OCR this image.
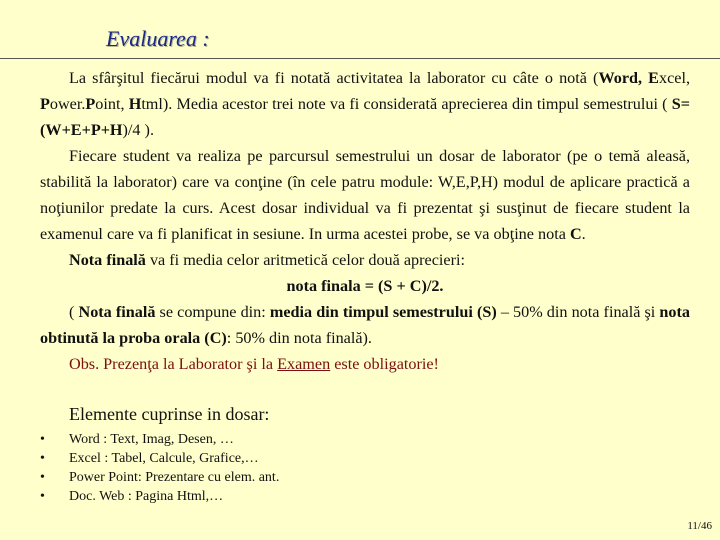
Evaluarea :

La sfârşitul fiecărui modul va fi notată activitatea la laborator cu câte o notă (Word, Excel, Power.Point, Html). Media acestor trei note va fi considerată aprecierea din timpul semestrului ( S=(W+E+P+H)/4 ).

Fiecare student va realiza pe parcursul semestrului un dosar de laborator (pe o temă aleasă, stabilită la laborator) care va conţine (în cele patru module: W,E,P,H) modul de aplicare practică a noţiunilor predate la curs. Acest dosar individual va fi prezentat şi susţinut de fiecare student la examenul care va fi planificat in sesiune. In urma acestei probe, se va obţine nota C.

Nota finală va fi media celor aritmetică celor două aprecieri:

nota finala = (S + C)/2.

( Nota finală se compune din: media din timpul semestrului (S) – 50% din nota finală şi nota obtinută la proba orala (C): 50% din nota finală).

Obs. Prezenţa la Laborator şi la Examen este obligatorie!

Elemente cuprinse in dosar:
• Word : Text, Imag, Desen, …
• Excel : Tabel, Calcule, Grafice,…
• Power Point: Prezentare cu elem. ant.
• Doc. Web : Pagina Html,…
11/46
